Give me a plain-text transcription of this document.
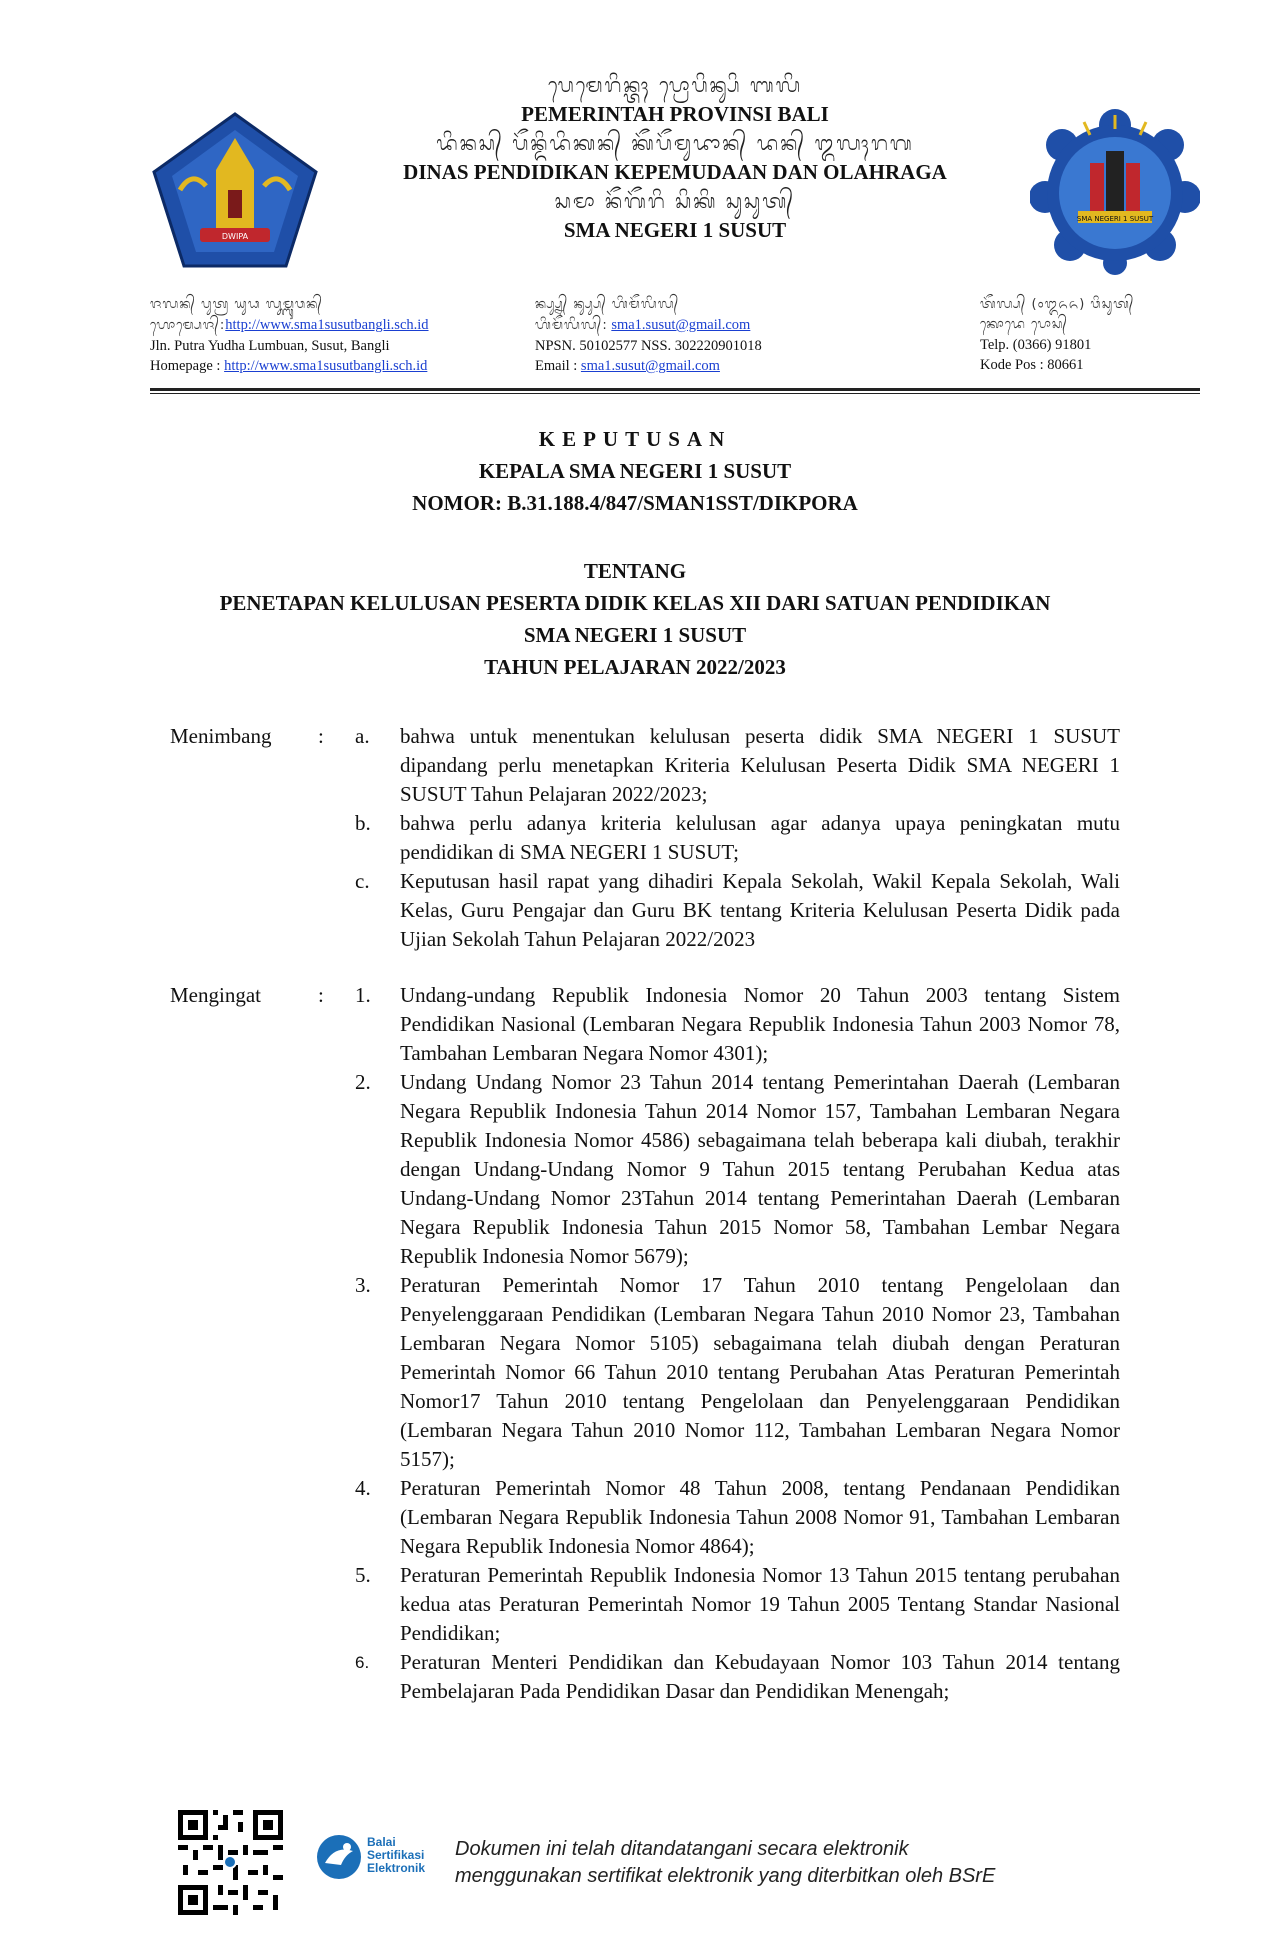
DWIPA
ᬧᬾᬫᬾᬭᬶᬦ᭄ᬢᬄ ᬧ᭄ᬭᭀᬧᬶᬦ᭄ᬲᬶ ᬩᬮᬶ
PEMERINTAH PROVINSI BALI
ᬤᬶᬦᬲ᭄ ᬧᭂᬦ᭄ᬤᬶᬤᬶᬓᬦ᭄ ᬓᭂᬧᭂᬫᬸᬤᬵᬦ᭄ ᬤᬦ᭄ ᬑᬮᬄᬭᬕ
DINAS PENDIDIKAN KEPEMUDAAN DAN OLAHRAGA
ᬲᬫᬵ ᬦᭂᬕᭂᬭᬶ ᬲᬶᬓᬶ ᬲᬸᬲᬸᬢ᭄
SMA NEGERI 1 SUSUT	SMA NEGERI 1 SUSUT
ᬚᬮᬦ᭄ ᬧᬸᬢ᭄ᬭ ᬬᬸᬥ ᬮᬸᬫ᭄ᬩᬸᬯᬦ᭄
ᬳᭀᬫ᭄ᬧᬾᬚ᭄:http://www.sma1susutbangli.sch.id
Jln. Putra Yudha Lumbuan, Susut, Bangli
Homepage : http://www.sma1susutbangli.sch.id
ᬦ᭄ᬧ᭄ᬲ᭄ᬦ᭄ ᬦ᭄ᬲ᭄ᬲ᭄ ᬳᬶᬫᭂᬮᬶᬮ᭄
ᬳᬶᬫᭂᬮᬶᬮ᭄: sma1.susut@gmail.com
NPSN. 50102577 NSS. 302220901018
Email : sma1.susut@gmail.com
ᬢᭂᬮ᭄ᬧ᭄ (᭐᭓᭖᭖) ᬯᬶᬲᬸᬢ᭄
ᬓᭀᬤᬾ ᬧᭀᬲ᭄
Telp. (0366) 91801
Kode Pos : 80661
KEPUTUSAN
KEPALA SMA NEGERI 1 SUSUT
NOMOR: B.31.188.4/847/SMAN1SST/DIKPORA
TENTANG
PENETAPAN KELULUSAN PESERTA DIDIK KELAS XII DARI SATUAN PENDIDIKAN
SMA NEGERI 1 SUSUT
TAHUN PELAJARAN 2022/2023
Menimbang : a. bahwa untuk menentukan kelulusan peserta didik SMA NEGERI 1 SUSUT dipandang perlu menetapkan Kriteria Kelulusan Peserta Didik SMA NEGERI 1 SUSUT Tahun Pelajaran 2022/2023;
b. bahwa perlu adanya kriteria kelulusan agar adanya upaya peningkatan mutu pendidikan di SMA NEGERI 1 SUSUT;
c. Keputusan hasil rapat yang dihadiri Kepala Sekolah, Wakil Kepala Sekolah, Wali Kelas, Guru Pengajar dan Guru BK tentang Kriteria Kelulusan Peserta Didik pada Ujian Sekolah Tahun Pelajaran 2022/2023
Mengingat	: 1. Undang-undang Republik Indonesia Nomor 20 Tahun 2003 tentang Sistem Pendidikan Nasional (Lembaran Negara Republik Indonesia Tahun 2003 Nomor 78, Tambahan Lembaran Negara Nomor 4301);
2. Undang Undang Nomor 23 Tahun 2014 tentang Pemerintahan Daerah (Lembaran Negara Republik Indonesia Tahun 2014 Nomor 157, Tambahan Lembaran Negara Republik Indonesia Nomor 4586) sebagaimana telah beberapa kali diubah, terakhir dengan Undang-Undang Nomor 9 Tahun 2015 tentang Perubahan Kedua atas Undang-Undang Nomor 23Tahun 2014 tentang Pemerintahan Daerah (Lembaran Negara Republik Indonesia Tahun 2015 Nomor 58, Tambahan Lembar Negara Republik Indonesia Nomor 5679);
3. Peraturan Pemerintah Nomor 17 Tahun 2010 tentang Pengelolaan dan Penyelenggaraan Pendidikan (Lembaran Negara Tahun 2010 Nomor 23, Tambahan Lembaran Negara Nomor 5105) sebagaimana telah diubah dengan Peraturan Pemerintah Nomor 66 Tahun 2010 tentang Perubahan Atas Peraturan Pemerintah Nomor17 Tahun 2010 tentang Pengelolaan dan Penyelenggaraan Pendidikan (Lembaran Negara Tahun 2010 Nomor 112, Tambahan Lembaran Negara Nomor 5157);
4. Peraturan Pemerintah Nomor 48 Tahun 2008, tentang Pendanaan Pendidikan (Lembaran Negara Republik Indonesia Tahun 2008 Nomor 91, Tambahan Lembaran Negara Republik Indonesia Nomor 4864);
5. Peraturan Pemerintah Republik Indonesia Nomor 13 Tahun 2015 tentang perubahan kedua atas Peraturan Pemerintah Nomor 19 Tahun 2005 Tentang Standar Nasional Pendidikan;
6. Peraturan Menteri Pendidikan dan Kebudayaan Nomor 103 Tahun 2014 tentang Pembelajaran Pada Pendidikan Dasar dan Pendidikan Menengah;
Balai
Sertifikasi
Elektronik
Dokumen ini telah ditandatangani secara elektronik
menggunakan sertifikat elektronik yang diterbitkan oleh BSrE
